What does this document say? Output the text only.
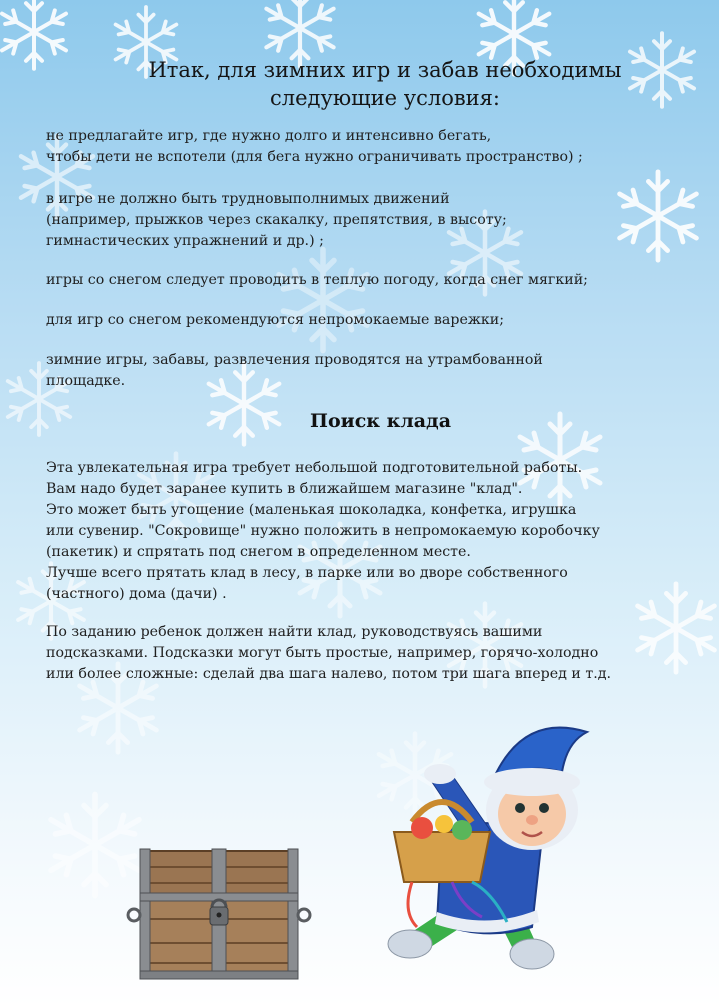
Итак, для зимних игр и забав необходимы
следующие условия:
не предлагайте игр, где нужно долго и интенсивно бегать,
чтобы дети не вспотели (для бега нужно ограничивать пространство) ;
в игре не должно быть трудновыполнимых движений
(например, прыжков через скакалку, препятствия, в высоту;
гимнастических упражнений и др.) ;
игры со снегом следует проводить в теплую погоду, когда снег мягкий;
для игр со снегом рекомендуются непромокаемые варежки;
зимние игры, забавы, развлечения проводятся на утрамбованной
площадке.
Поиск клада
Эта увлекательная игра требует небольшой подготовительной работы.
Вам надо будет заранее купить в ближайшем магазине "клад".
Это может быть угощение (маленькая шоколадка, конфетка, игрушка
или сувенир. "Сокровище" нужно положить в непромокаемую коробочку
(пакетик) и спрятать под снегом в определенном месте.
Лучше всего прятать клад в лесу, в парке или во дворе собственного
(частного) дома (дачи) .
По заданию ребенок должен найти клад, руководствуясь вашими
подсказками. Подсказки могут быть простые, например, горячо-холодно
или более сложные: сделай два шага налево, потом три шага вперед и т.д.
